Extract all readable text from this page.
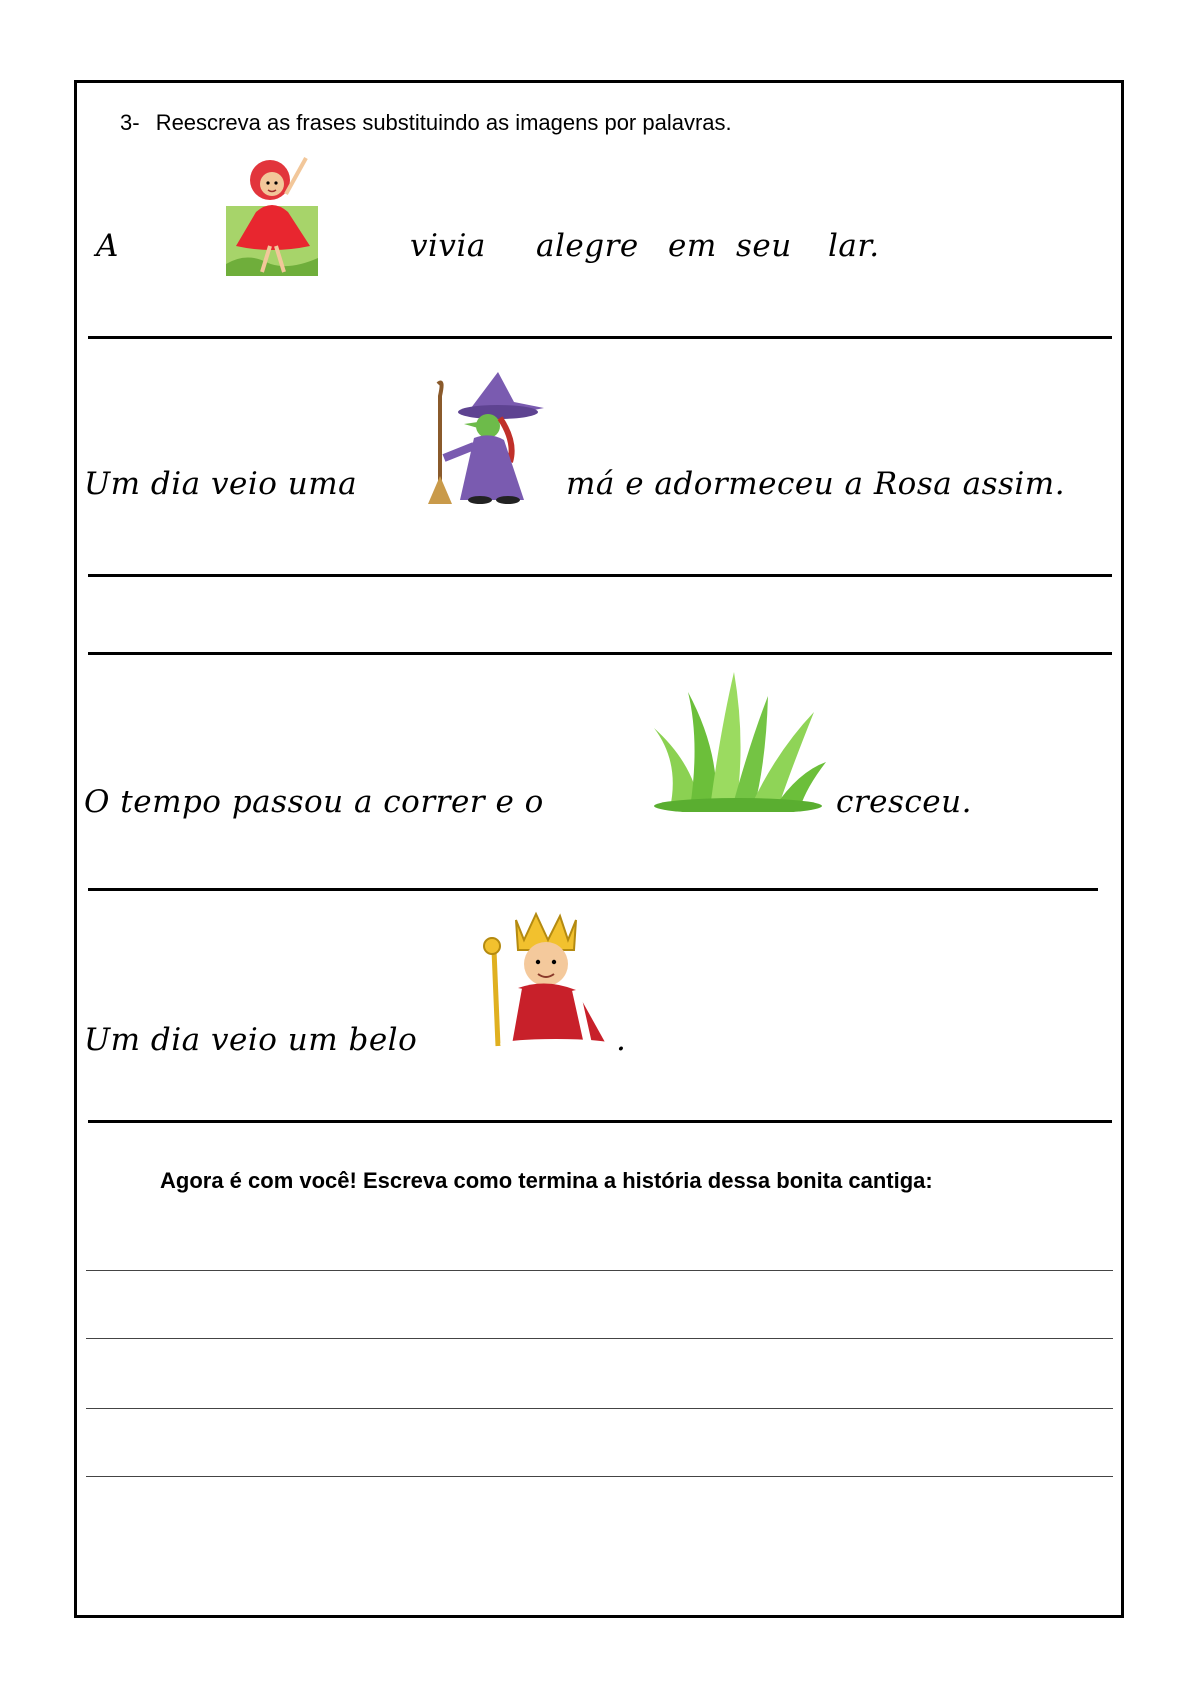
3- Reescreva as frases substituindo as imagens por palavras.
A	vivia alegre em seu lar.
Um dia veio uma	má e adormeceu a Rosa assim.
O tempo passou a correr e o	cresceu.
Um dia veio um belo	.
Agora é com você! Escreva como termina a história dessa bonita cantiga:
